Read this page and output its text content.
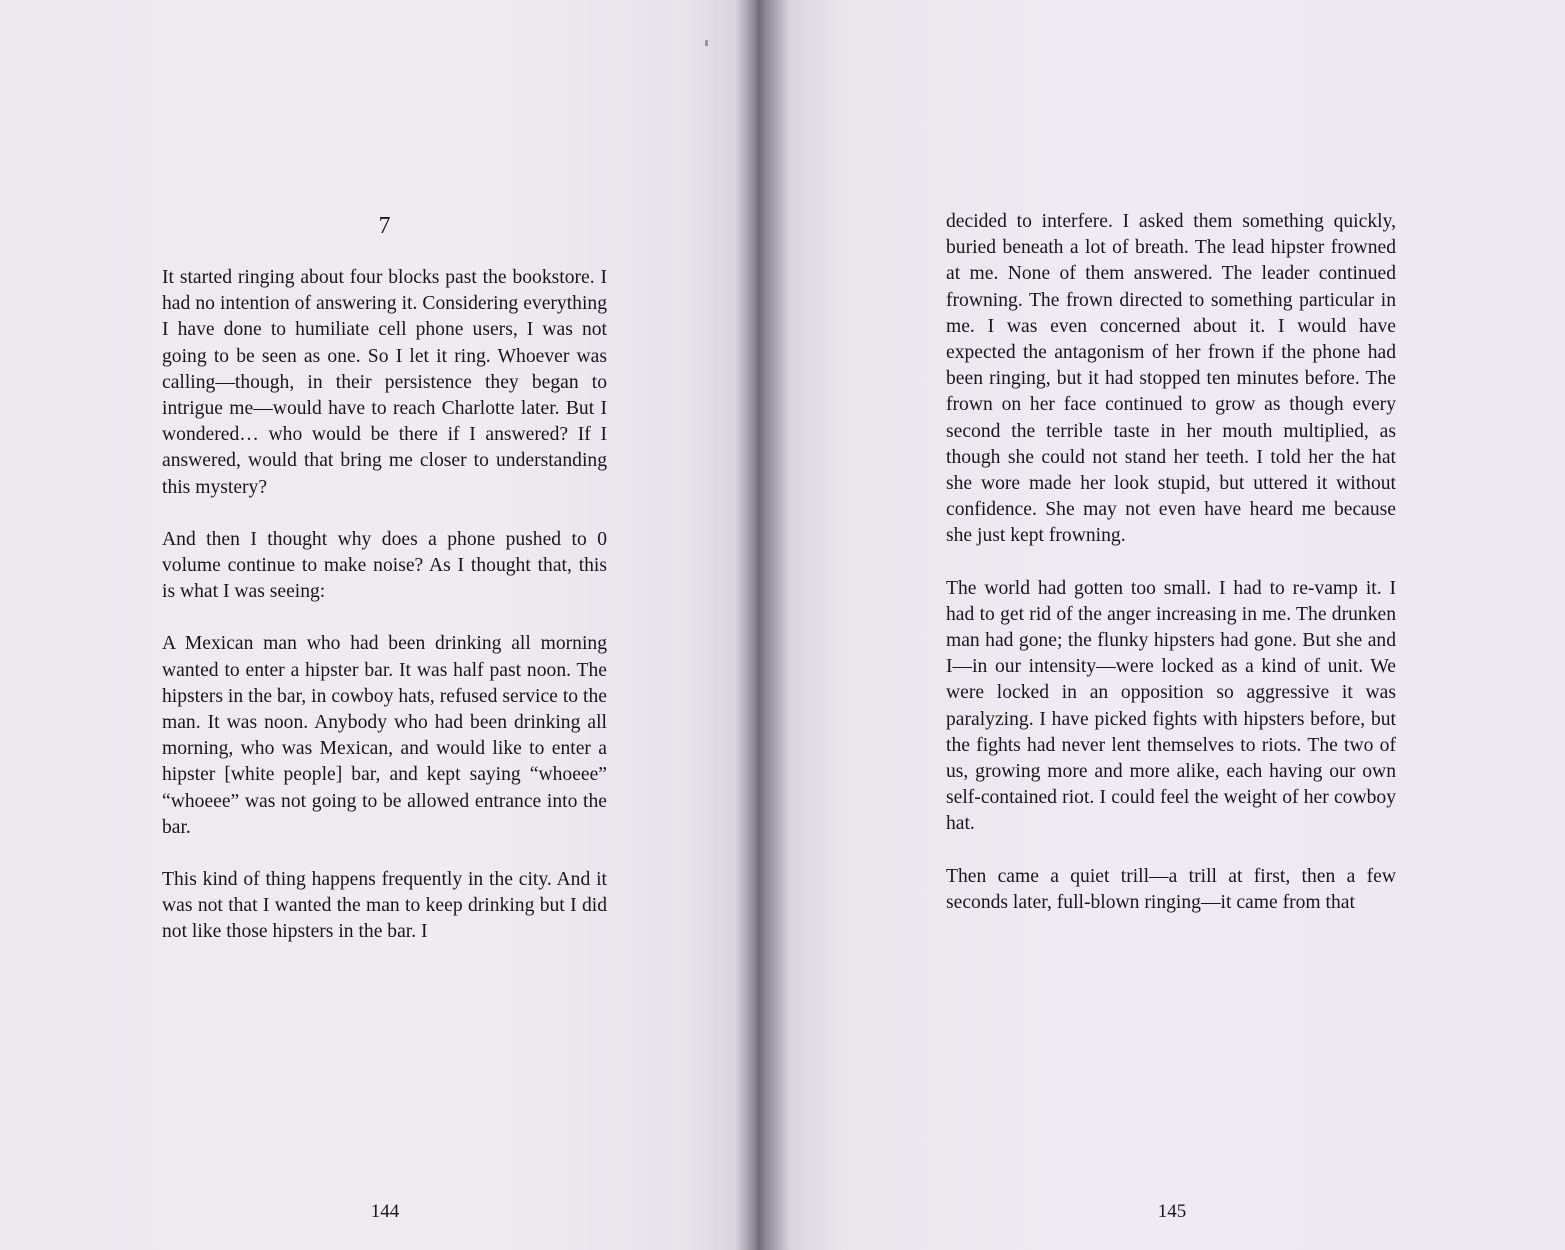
7

It started ringing about four blocks past the bookstore. I had no intention of answering it. Considering everything I have done to humiliate cell phone users, I was not going to be seen as one. So I let it ring. Whoever was calling—though, in their persistence they began to intrigue me—would have to reach Charlotte later. But I wondered… who would be there if I answered? If I answered, would that bring me closer to understanding this mystery?

And then I thought why does a phone pushed to 0 volume continue to make noise? As I thought that, this is what I was seeing:

A Mexican man who had been drinking all morning wanted to enter a hipster bar. It was half past noon. The hipsters in the bar, in cowboy hats, refused service to the man. It was noon. Anybody who had been drinking all morning, who was Mexican, and would like to enter a hipster [white people] bar, and kept saying “whoeee” “whoeee” was not going to be allowed entrance into the bar.

This kind of thing happens frequently in the city. And it was not that I wanted the man to keep drinking but I did not like those hipsters in the bar. I

144

decided to interfere. I asked them something quickly, buried beneath a lot of breath. The lead hipster frowned at me. None of them answered. The leader continued frowning. The frown directed to something particular in me. I was even concerned about it. I would have expected the antagonism of her frown if the phone had been ringing, but it had stopped ten minutes before. The frown on her face continued to grow as though every second the terrible taste in her mouth multiplied, as though she could not stand her teeth. I told her the hat she wore made her look stupid, but uttered it without confidence. She may not even have heard me because she just kept frowning.

The world had gotten too small. I had to re-vamp it. I had to get rid of the anger increasing in me. The drunken man had gone; the flunky hipsters had gone. But she and I—in our intensity—were locked as a kind of unit. We were locked in an opposition so aggressive it was paralyzing. I have picked fights with hipsters before, but the fights had never lent themselves to riots. The two of us, growing more and more alike, each having our own self-contained riot. I could feel the weight of her cowboy hat.

Then came a quiet trill—a trill at first, then a few seconds later, full-blown ringing—it came from that

145
